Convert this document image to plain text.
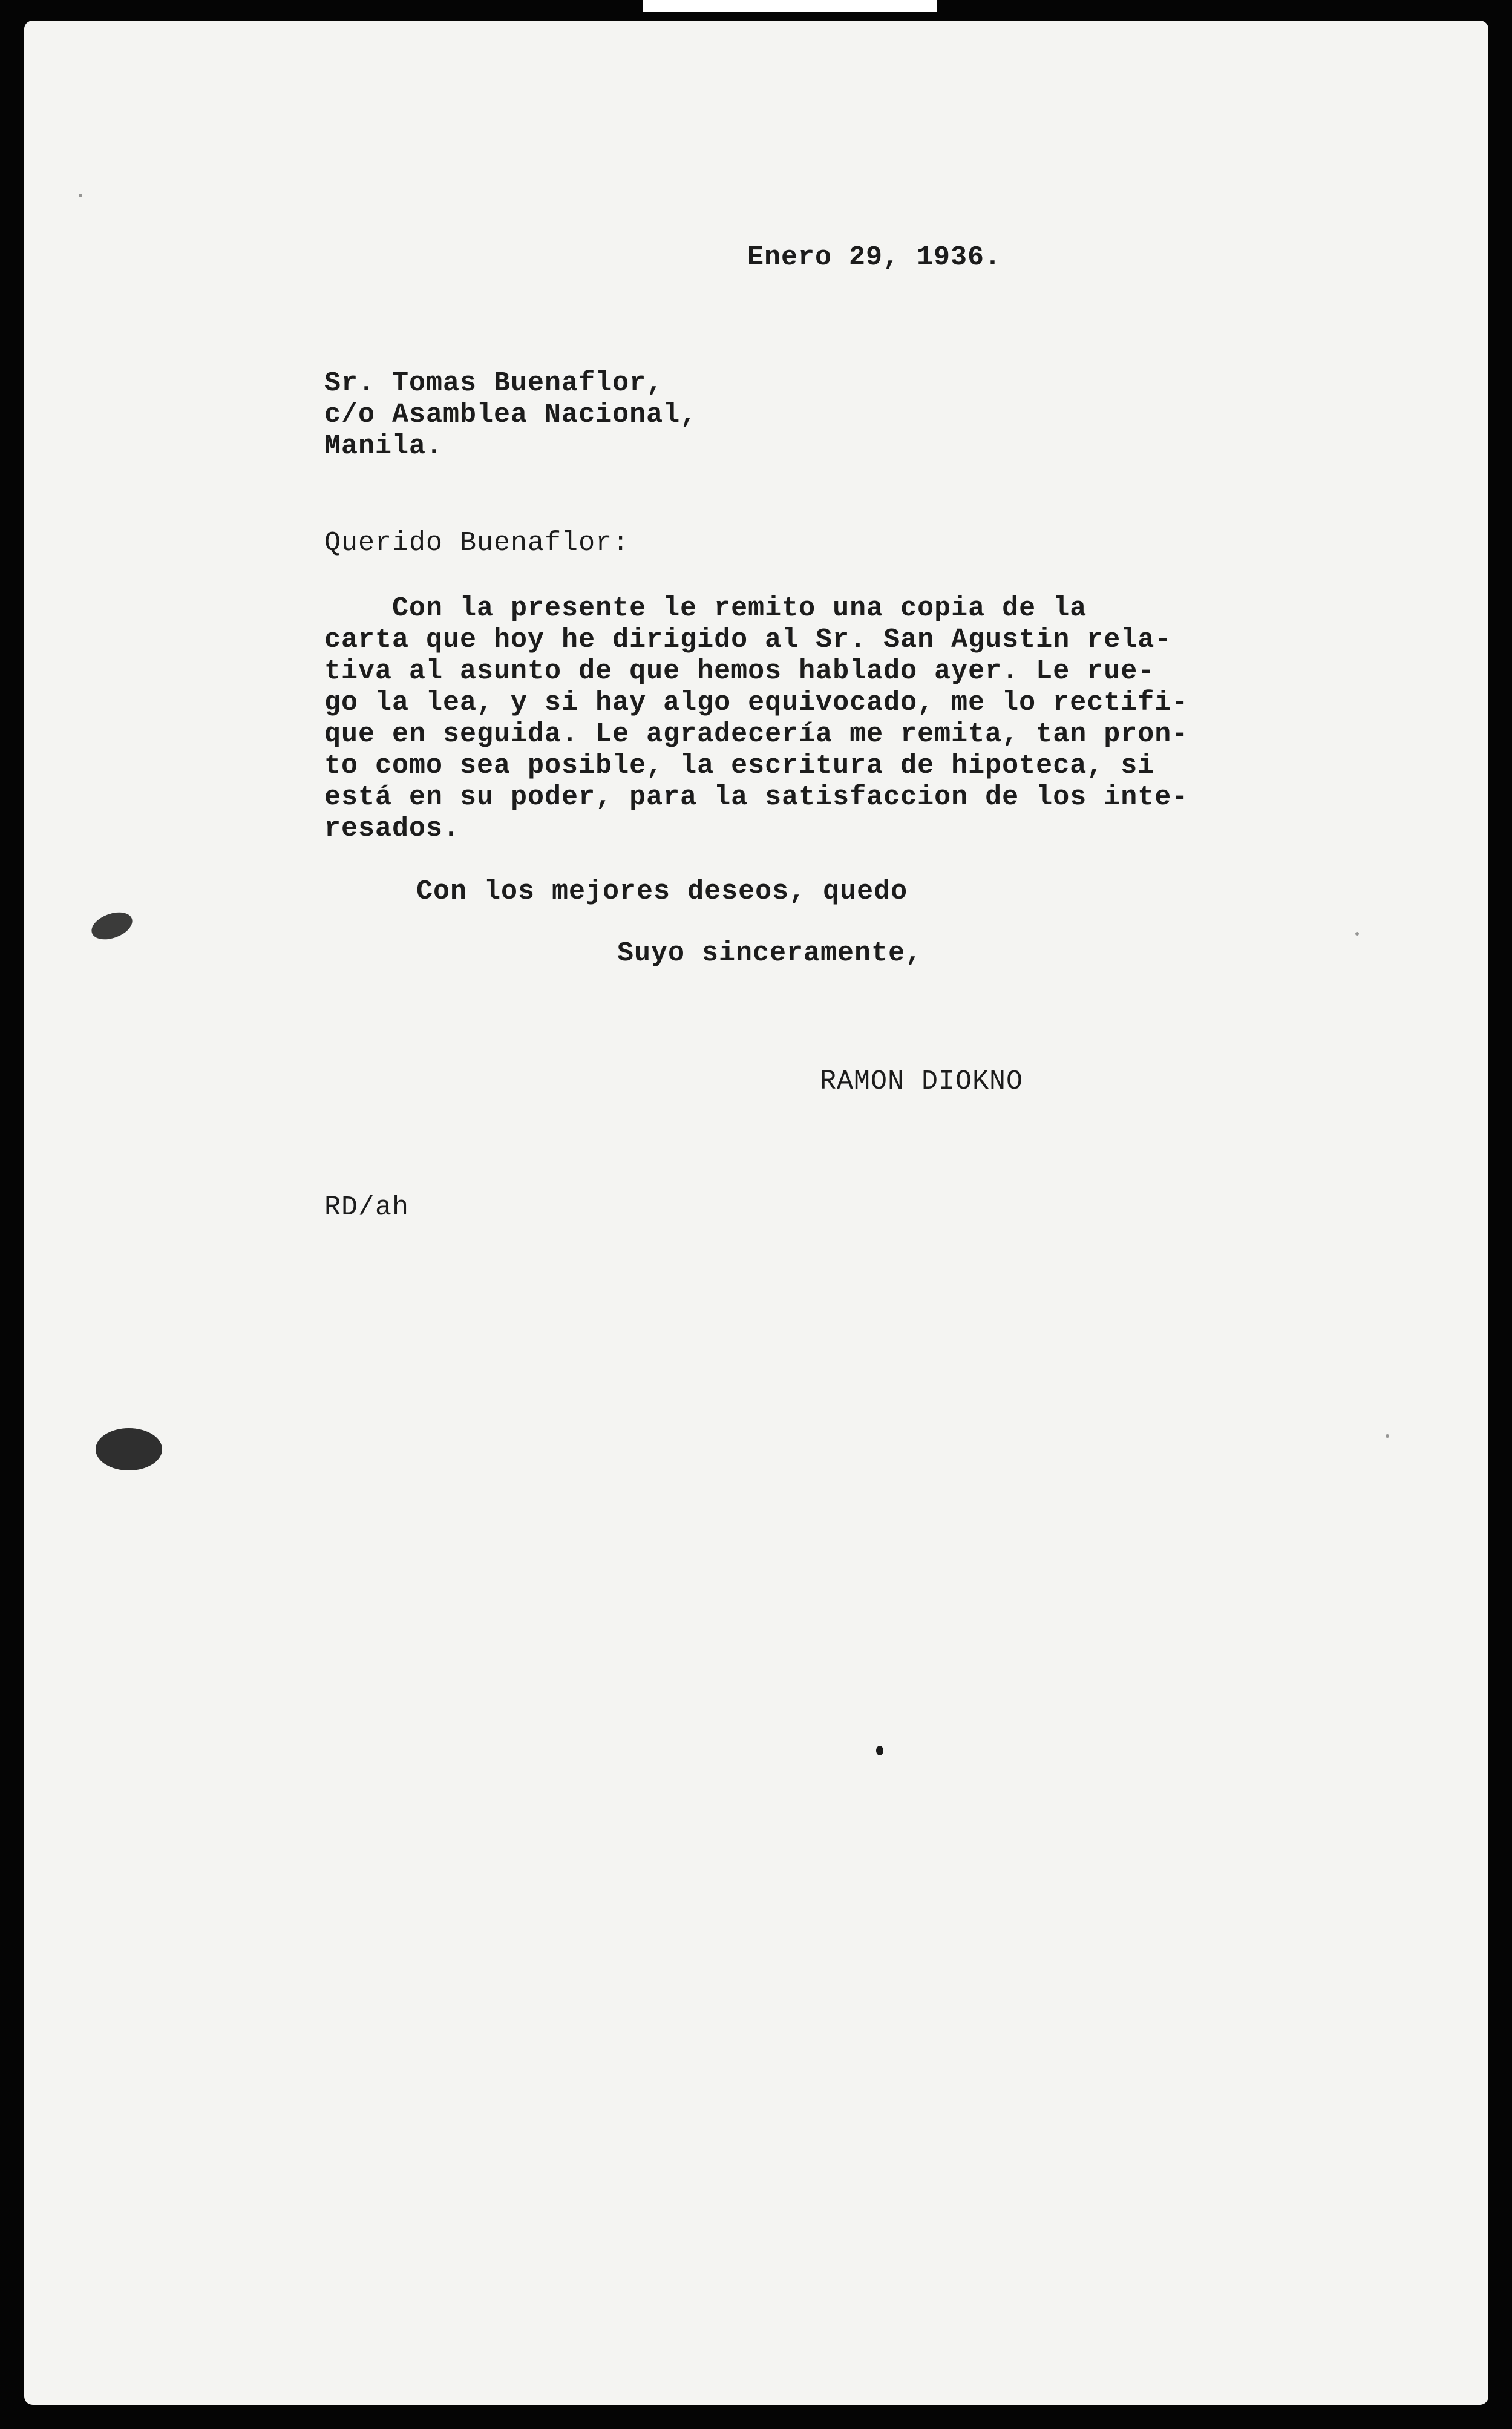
Enero 29, 1936.
Sr. Tomas Buenaflor,
c/o Asamblea Nacional,
Manila.
Querido Buenaflor:
Con la presente le remito una copia de la
carta que hoy he dirigido al Sr. San Agustin rela-
tiva al asunto de que hemos hablado ayer. Le rue-
go la lea, y si hay algo equivocado, me lo rectifi-
que en seguida. Le agradecería me remita, tan pron-
to como sea posible, la escritura de hipoteca, si
está en su poder, para la satisfaccion de los inte-
resados.
Con los mejores deseos, quedo
Suyo sinceramente,
RAMON DIOKNO
RD/ah
